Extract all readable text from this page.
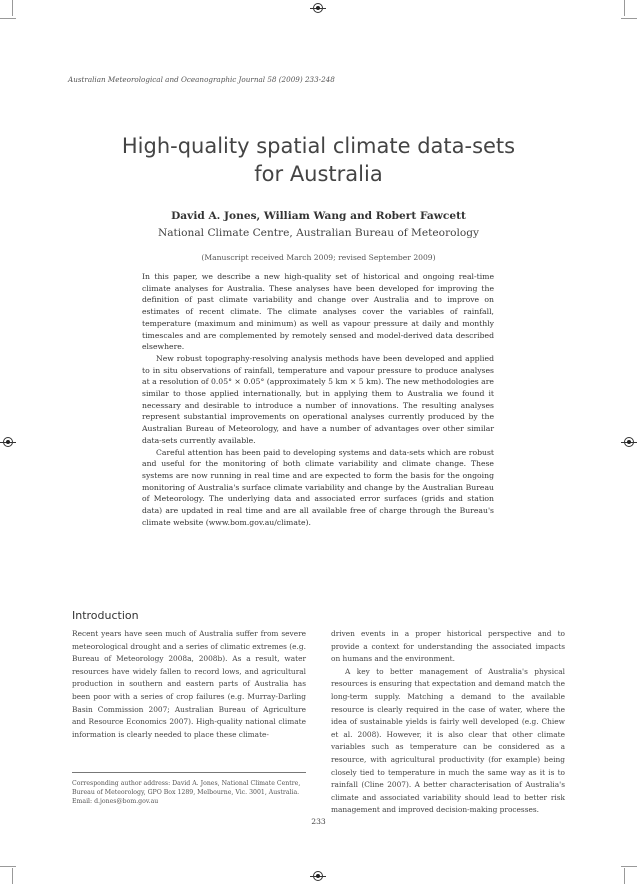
Australian Meteorological and Oceanographic Journal 58 (2009) 233-248
High-quality spatial climate data-sets
for Australia
David A. Jones, William Wang and Robert Fawcett
National Climate Centre, Australian Bureau of Meteorology
(Manuscript received March 2009; revised September 2009)

In this paper, we describe a new high-quality set of historical and ongoing real-time climate analyses for Australia. These analyses have been developed for improving the definition of past climate variability and change over Australia and to improve on estimates of recent climate. The climate analyses cover the variables of rainfall, temperature (maximum and minimum) as well as vapour pressure at daily and monthly timescales and are complemented by remotely sensed and model-derived data described elsewhere.

New robust topography-resolving analysis methods have been developed and applied to in situ observations of rainfall, temperature and vapour pressure to produce analyses at a resolution of 0.05° × 0.05° (approximately 5 km × 5 km). The new methodologies are similar to those applied internationally, but in applying them to Australia we found it necessary and desirable to introduce a number of innovations. The resulting analyses represent substantial improvements on operational analyses currently produced by the Australian Bureau of Meteorology, and have a number of advantages over other similar data-sets currently available.

Careful attention has been paid to developing systems and data-sets which are robust and useful for the monitoring of both climate variability and climate change. These systems are now running in real time and are expected to form the basis for the ongoing monitoring of Australia's surface climate variability and change by the Australian Bureau of Meteorology. The underlying data and associated error surfaces (grids and station data) are updated in real time and are all available free of charge through the Bureau's climate website (www.bom.gov.au/climate).

Introduction

Recent years have seen much of Australia suffer from severe meteorological drought and a series of climatic extremes (e.g. Bureau of Meteorology 2008a, 2008b). As a result, water resources have widely fallen to record lows, and agricultural production in southern and eastern parts of Australia has been poor with a series of crop failures (e.g. Murray-Darling Basin Commission 2007; Australian Bureau of Agriculture and Resource Economics 2007). High-quality national climate information is clearly needed to place these climate-

driven events in a proper historical perspective and to provide a context for understanding the associated impacts on humans and the environment.

A key to better management of Australia's physical resources is ensuring that expectation and demand match the long-term supply. Matching a demand to the available resource is clearly required in the case of water, where the idea of sustainable yields is fairly well developed (e.g. Chiew et al. 2008). However, it is also clear that other climate variables such as temperature can be considered as a resource, with agricultural productivity (for example) being closely tied to temperature in much the same way as it is to rainfall (Cline 2007). A better characterisation of Australia's climate and associated variability should lead to better risk management and improved decision-making processes.

Corresponding author address: David A. Jones, National Climate Centre, Bureau of Meteorology, GPO Box 1289, Melbourne, Vic. 3001, Australia. Email: d.jones@bom.gov.au
233
